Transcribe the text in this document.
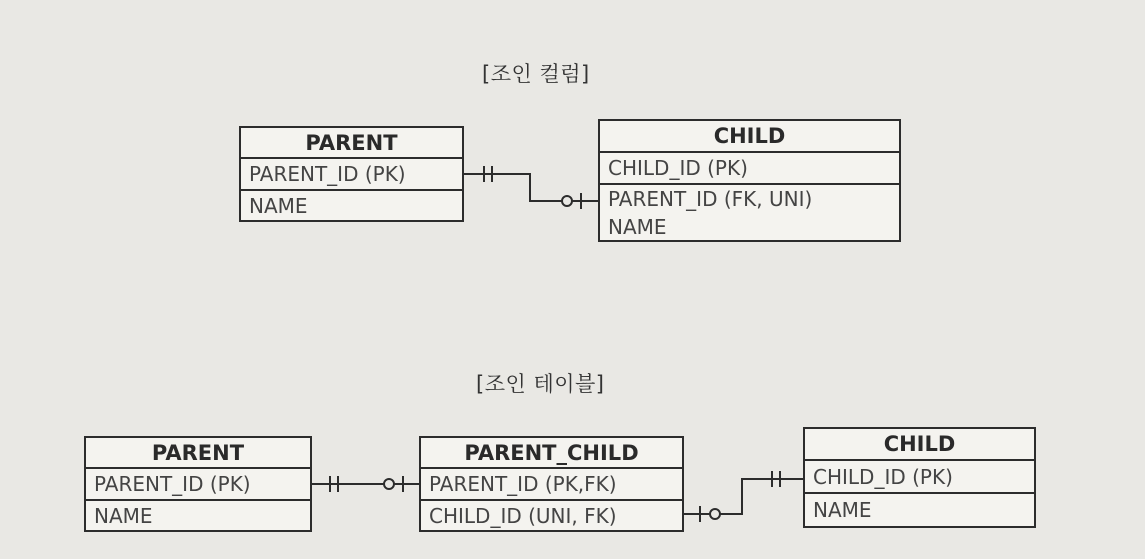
[조인 컬럼]
PARENT
PARENT_ID (PK)
NAME
CHILD
CHILD_ID (PK)
PARENT_ID (FK, UNI)
NAME
[조인 테이블]
PARENT
PARENT_ID (PK)
NAME
PARENT_CHILD
PARENT_ID (PK,FK)
CHILD_ID (UNI, FK)
CHILD
CHILD_ID (PK)
NAME
